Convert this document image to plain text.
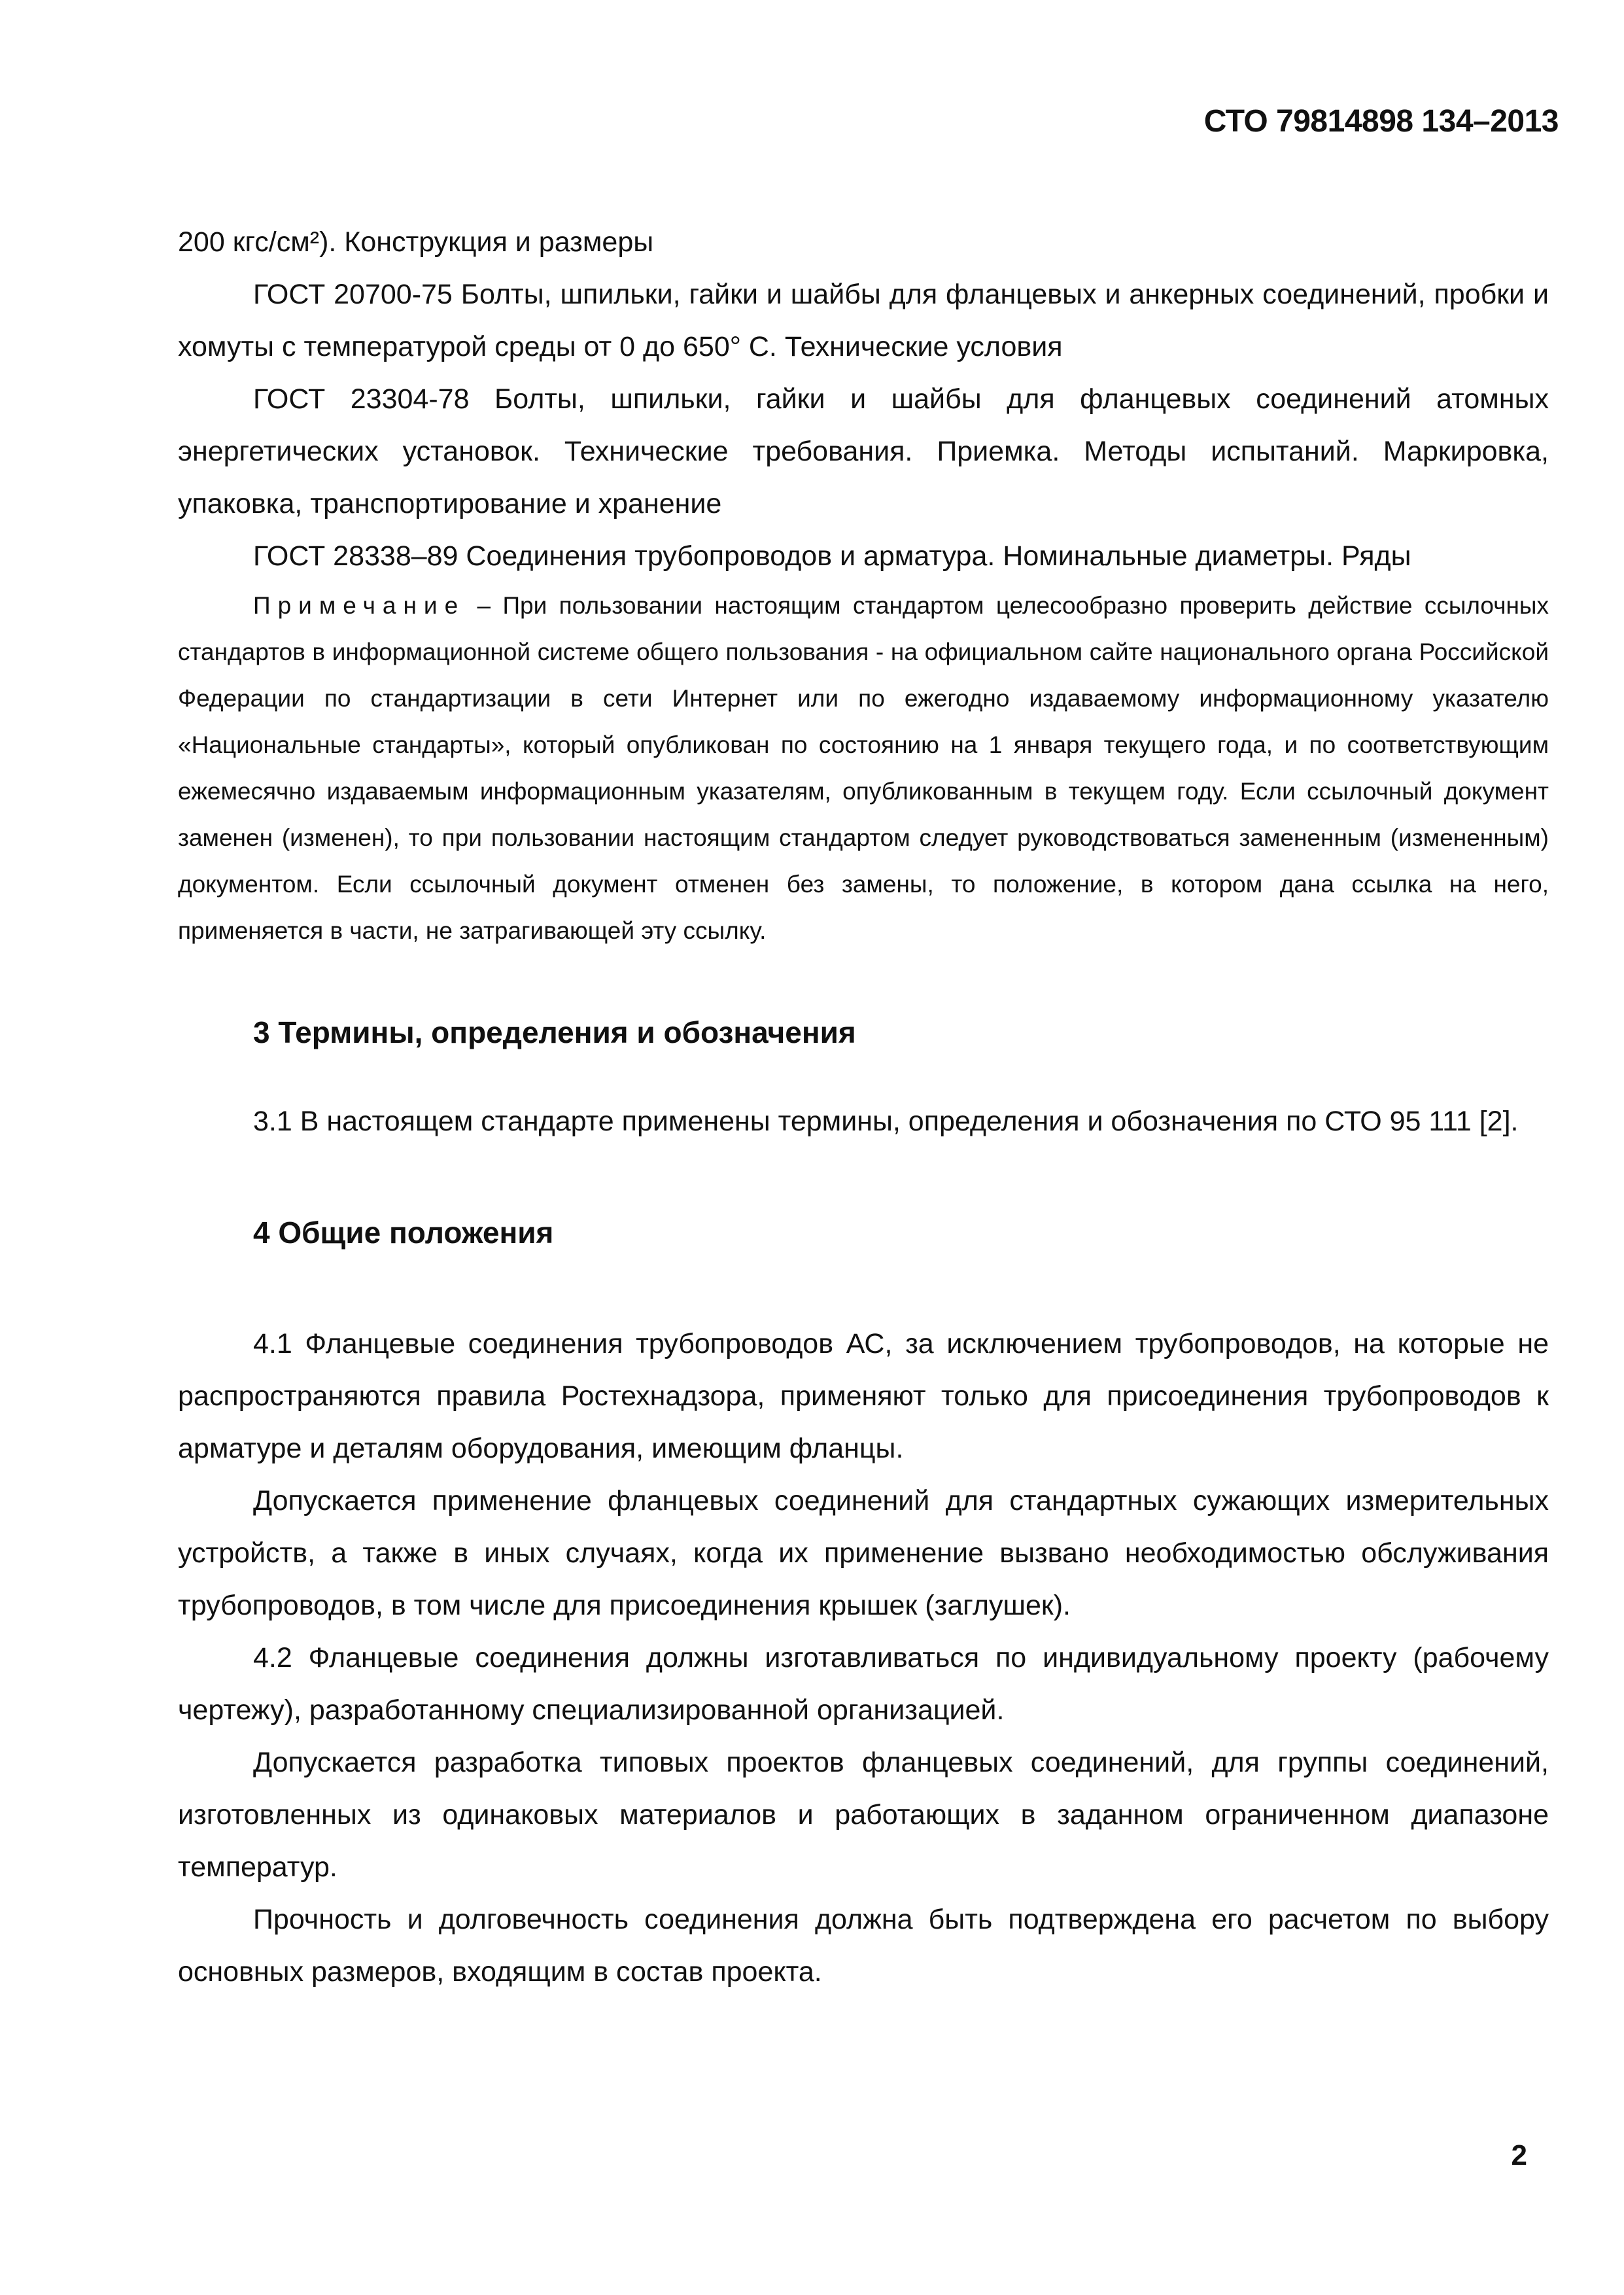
СТО 79814898 134–2013

200 кгс/см²). Конструкция и размеры

ГОСТ 20700-75 Болты, шпильки, гайки и шайбы для фланцевых и анкерных соединений, пробки и хомуты с температурой среды от 0 до 650° С. Технические условия

ГОСТ 23304-78 Болты, шпильки, гайки и шайбы для фланцевых соединений атомных энергетических установок. Технические требования. Приемка. Методы испытаний. Маркировка, упаковка, транспортирование и хранение

ГОСТ 28338–89 Соединения трубопроводов и арматура. Номинальные диаметры. Ряды

Примечание – При пользовании настоящим стандартом целесообразно проверить действие ссылочных стандартов в информационной системе общего пользования - на официальном сайте национального органа Российской Федерации по стандартизации в сети Интернет или по ежегодно издаваемому информационному указателю «Национальные стандарты», который опубликован по состоянию на 1 января текущего года, и по соответствующим ежемесячно издаваемым информационным указателям, опубликованным в текущем году. Если ссылочный документ заменен (изменен), то при пользовании настоящим стандартом следует руководствоваться замененным (измененным) документом. Если ссылочный документ отменен без замены, то положение, в котором дана ссылка на него, применяется в части, не затрагивающей эту ссылку.

3 Термины, определения и обозначения

3.1 В настоящем стандарте применены термины, определения и обозначения по СТО 95 111 [2].

4 Общие положения

4.1 Фланцевые соединения трубопроводов АС, за исключением трубопроводов, на которые не распространяются правила Ростехнадзора, применяют только для присоединения трубопроводов к арматуре и деталям оборудования, имеющим фланцы.

Допускается применение фланцевых соединений для стандартных сужающих измерительных устройств, а также в иных случаях, когда их применение вызвано необходимостью обслуживания трубопроводов, в том числе для присоединения крышек (заглушек).

4.2 Фланцевые соединения должны изготавливаться по индивидуальному проекту (рабочему чертежу), разработанному специализированной организацией.

Допускается разработка типовых проектов фланцевых соединений, для группы соединений, изготовленных из одинаковых материалов и работающих в заданном ограниченном диапазоне температур.

Прочность и долговечность соединения должна быть подтверждена его расчетом по выбору основных размеров, входящим в состав проекта.

2
